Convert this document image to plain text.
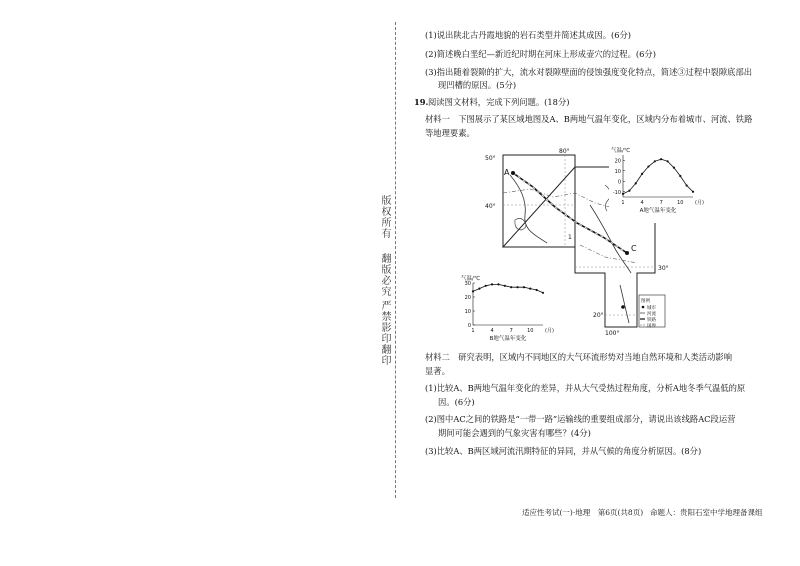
版权所有
翻版必究
严禁影印翻印
(1)说出陕北古丹霞地貌的岩石类型并简述其成因。(6分)
(2)简述晚白垩纪—新近纪时期在河床上形成壶穴的过程。(6分)
(3)指出随着裂隙的扩大，流水对裂隙壁面的侵蚀强度变化特点，简述③过程中裂隙底部出
现凹槽的原因。(5分)
19. 阅读图文材料，完成下列问题。(18分)
材料一　下图展示了某区域地图及A、B两地气温年变化，区域内分布着城市、河流、铁路
等地理要素。
A
C
1
50°
40°
30°
20°
80°
100°
图例
城市
河流
铁路
国界
气温/℃
20
10
0
-10
1	4	7	10 (月)
A地气温年变化
气温/℃
30
20
10
0
1	4	7	10 (月)
B地气温年变化
材料二　研究表明，区域内不同地区的大气环流形势对当地自然环境和人类活动影响
显著。
(1)比较A、B两地气温年变化的差异，并从大气受热过程角度，分析A地冬季气温低的原
因。(6分)
(2)图中AC之间的铁路是“一带一路”运输线的重要组成部分，请说出该线路AC段运营
期间可能会遇到的气象灾害有哪些？(4分)
(3)比较A、B两区域河流汛期特征的异同，并从气候的角度分析原因。(8分)
适应性考试(一)·地理　第6页(共8页) 命题人：贵阳石室中学地理备课组
